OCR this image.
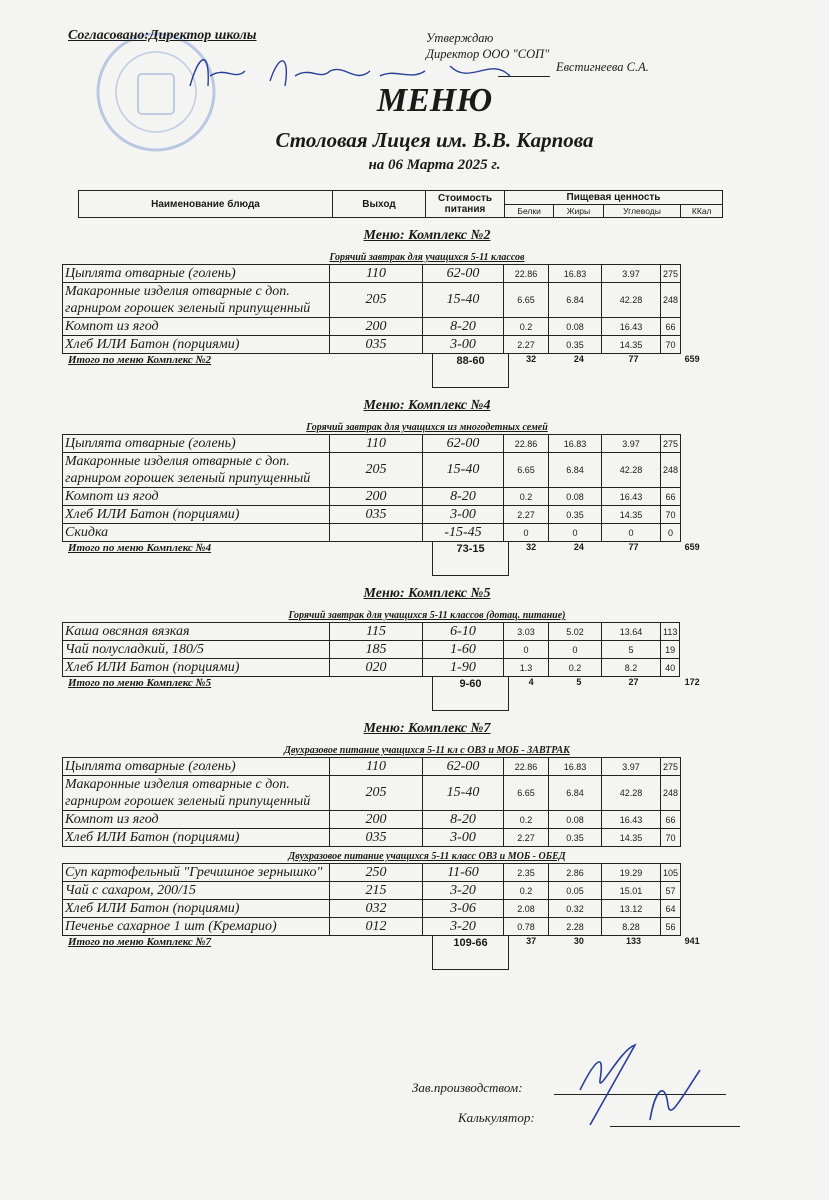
Согласовано:Директор школы	Утверждаю
Директор ООО "СОП"
Евстигнеева С.А.
МЕНЮ
Столовая Лицея им. В.В. Карпова
на 06 Марта 2025 г.
Наименование блюда	Выход	Стоимость питания	Пищевая ценность			
			Белки	Жиры	Углеводы	ККал
Меню: Комплекс №2
Горячий завтрак для учащихся 5-11 классов
Цыплята отварные (голень)	110	62-00	22.86	16.83	3.97	275
Макаронные изделия отварные с доп. гарниром горошек зеленый припущенный	205	15-40	6.65	6.84	42.28	248
Компот из ягод	200	8-20	0.2	0.08	16.43	66
Хлеб ИЛИ Батон (порциями)	035	3-00	2.27	0.35	14.35	70
Итого по меню Комплекс №2	88-60	32	24	77	659
Меню: Комплекс №4
Горячий завтрак для учащихся из многодетных семей
Цыплята отварные (голень)	110	62-00	22.86	16.83	3.97	275
Макаронные изделия отварные с доп. гарниром горошек зеленый припущенный	205	15-40	6.65	6.84	42.28	248
Компот из ягод	200	8-20	0.2	0.08	16.43	66
Хлеб ИЛИ Батон (порциями)	035	3-00	2.27	0.35	14.35	70
Скидка		-15-45	0	0	0	0
Итого по меню Комплекс №4	73-15	32	24	77	659
Меню: Комплекс №5
Горячий завтрак для учащихся 5-11 классов (дотац. питание)
Каша овсяная вязкая	115	6-10	3.03	5.02	13.64	113
Чай полусладкий, 180/5	185	1-60	0	0	5	19
Хлеб ИЛИ Батон (порциями)	020	1-90	1.3	0.2	8.2	40
Итого по меню Комплекс №5	9-60	4	5	27	172
Меню: Комплекс №7
Двухразовое питание учащихся 5-11 кл с ОВЗ и МОБ - ЗАВТРАК
Цыплята отварные (голень)	110	62-00	22.86	16.83	3.97	275
Макаронные изделия отварные с доп. гарниром горошек зеленый припущенный	205	15-40	6.65	6.84	42.28	248
Компот из ягод	200	8-20	0.2	0.08	16.43	66
Хлеб ИЛИ Батон (порциями)	035	3-00	2.27	0.35	14.35	70
Двухразовое питание учащихся 5-11 класс ОВЗ и МОБ - ОБЕД
Суп картофельный "Гречишное зернышко"	250	11-60	2.35	2.86	19.29	105
Чай с сахаром, 200/15	215	3-20	0.2	0.05	15.01	57
Хлеб ИЛИ Батон (порциями)	032	3-06	2.08	0.32	13.12	64
Печенье сахарное 1 шт (Кремарио)	012	3-20	0.78	2.28	8.28	56
Итого по меню Комплекс №7	109-66	37	30	133	941
Зав.производством:
Калькулятор:
